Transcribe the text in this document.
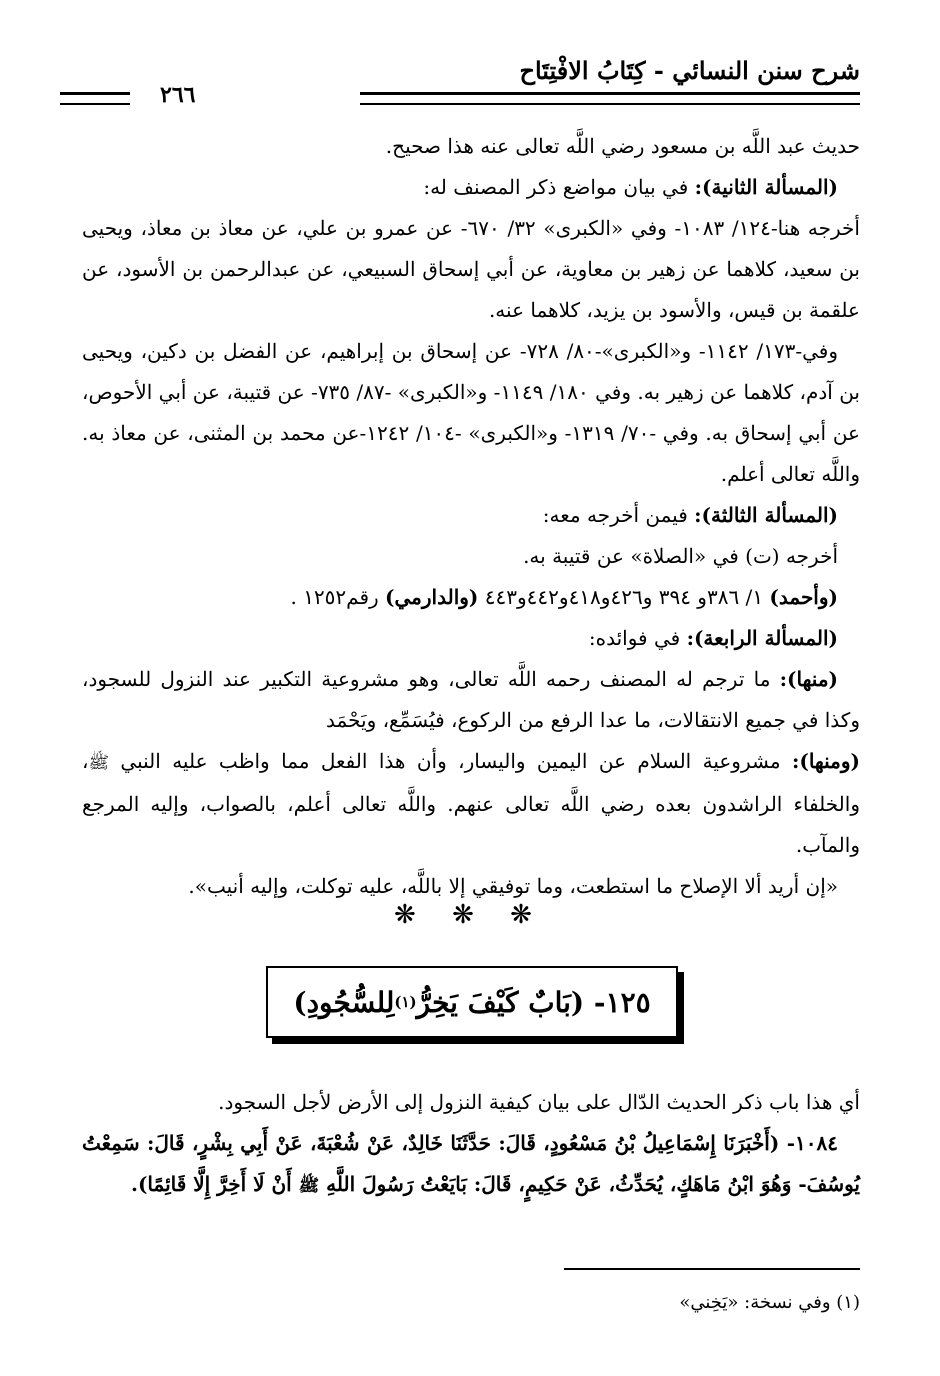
شرح سنن النسائي - كِتَابُ الافْتِتَاح
٢٦٦

حديث عبد اللَّه بن مسعود رضي اللَّه تعالى عنه هذا صحيح.

(المسألة الثانية): في بيان مواضع ذكر المصنف له:

أخرجه هنا-١٢٤/ ١٠٨٣- وفي «الكبرى» ٣٢/ ٦٧٠- عن عمرو بن علي، عن معاذ بن معاذ، ويحيى بن سعيد، كلاهما عن زهير بن معاوية، عن أبي إسحاق السبيعي، عن عبدالرحمن بن الأسود، عن علقمة بن قيس، والأسود بن يزيد، كلاهما عنه.

وفي-١٧٣/ ١١٤٢- و«الكبرى»-٨٠/ ٧٢٨- عن إسحاق بن إبراهيم، عن الفضل بن دكين، ويحيى بن آدم، كلاهما عن زهير به. وفي ١٨٠/ ١١٤٩- و«الكبرى» -٨٧/ ٧٣٥- عن قتيبة، عن أبي الأحوص، عن أبي إسحاق به. وفي -٧٠/ ١٣١٩- و«الكبرى» -١٠٤/ ١٢٤٢-عن محمد بن المثنى، عن معاذ به. واللَّه تعالى أعلم.

(المسألة الثالثة): فيمن أخرجه معه:

أخرجه (ت) في «الصلاة» عن قتيبة به.

(وأحمد) ١/ ٣٨٦و ٣٩٤ و٤٢٦و٤١٨و٤٤٢و٤٤٣ (والدارمي) رقم١٢٥٢ .

(المسألة الرابعة): في فوائده:

(منها): ما ترجم له المصنف رحمه اللَّه تعالى، وهو مشروعية التكبير عند النزول للسجود، وكذا في جميع الانتقالات، ما عدا الرفع من الركوع، فيُسَمِّع، ويَحْمَد

(ومنها): مشروعية السلام عن اليمين واليسار، وأن هذا الفعل مما واظب عليه النبي ﷺ، والخلفاء الراشدون بعده رضي اللَّه تعالى عنهم. واللَّه تعالى أعلم، بالصواب، وإليه المرجع والمآب.

«إن أريد ألا الإصلاح ما استطعت، وما توفيقي إلا باللَّه، عليه توكلت، وإليه أنيب».

❋ ❋ ❋
١٢٥- (بَابٌ كَيْفَ يَخِرُّ
(١)
لِلسُّجُودِ)

أي هذا باب ذكر الحديث الدّال على بيان كيفية النزول إلى الأرض لأجل السجود.

١٠٨٤- (أَخْبَرَنَا إِسْمَاعِيلُ بْنُ مَسْعُودٍ، قَالَ: حَدَّثَنَا خَالِدٌ، عَنْ شُعْبَةَ، عَنْ أَبِي بِشْرٍ، قَالَ: سَمِعْتُ يُوسُفَ- وَهُوَ ابْنُ مَاهَكٍ، يُحَدِّثُ، عَنْ حَكِيمٍ، قَالَ: بَايَعْتُ رَسُولَ اللَّهِ ﷺ أَنْ لَا أَخِرَّ إِلَّا قَائِمًا).

(١) وفي نسخة: «يَخِني»
